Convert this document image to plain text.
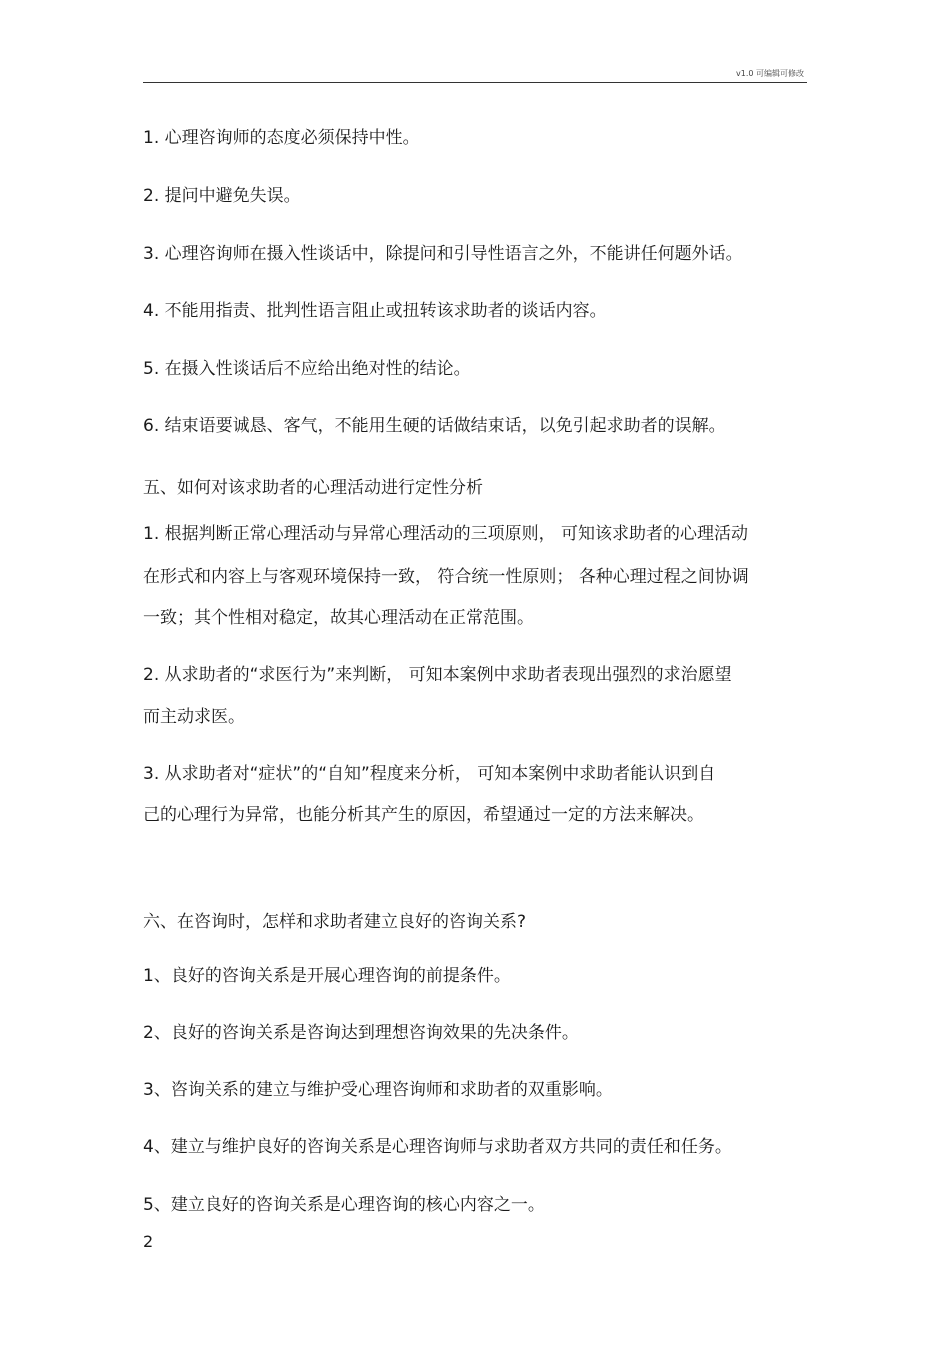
v1.0 可编辑可修改

1. 心理咨询师的态度必须保持中性。

2. 提问中避免失误。

3. 心理咨询师在摄入性谈话中，除提问和引导性语言之外，不能讲任何题外话。

4. 不能用指责、批判性语言阻止或扭转该求助者的谈话内容。

5. 在摄入性谈话后不应给出绝对性的结论。

6. 结束语要诚恳、客气，不能用生硬的话做结束话，以免引起求助者的误解。

五、如何对该求助者的心理活动进行定性分析

1. 根据判断正常心理活动与异常心理活动的三项原则， 可知该求助者的心理活动

在形式和内容上与客观环境保持一致， 符合统一性原则； 各种心理过程之间协调

一致；其个性相对稳定，故其心理活动在正常范围。

2. 从求助者的“求医行为”来判断， 可知本案例中求助者表现出强烈的求治愿望

而主动求医。

3. 从求助者对“症状”的“自知”程度来分析， 可知本案例中求助者能认识到自

己的心理行为异常，也能分析其产生的原因，希望通过一定的方法来解决。

六、在咨询时，怎样和求助者建立良好的咨询关系?

1、良好的咨询关系是开展心理咨询的前提条件。

2、良好的咨询关系是咨询达到理想咨询效果的先决条件。

3、咨询关系的建立与维护受心理咨询师和求助者的双重影响。

4、建立与维护良好的咨询关系是心理咨询师与求助者双方共同的责任和任务。

5、建立良好的咨询关系是心理咨询的核心内容之一。

2
